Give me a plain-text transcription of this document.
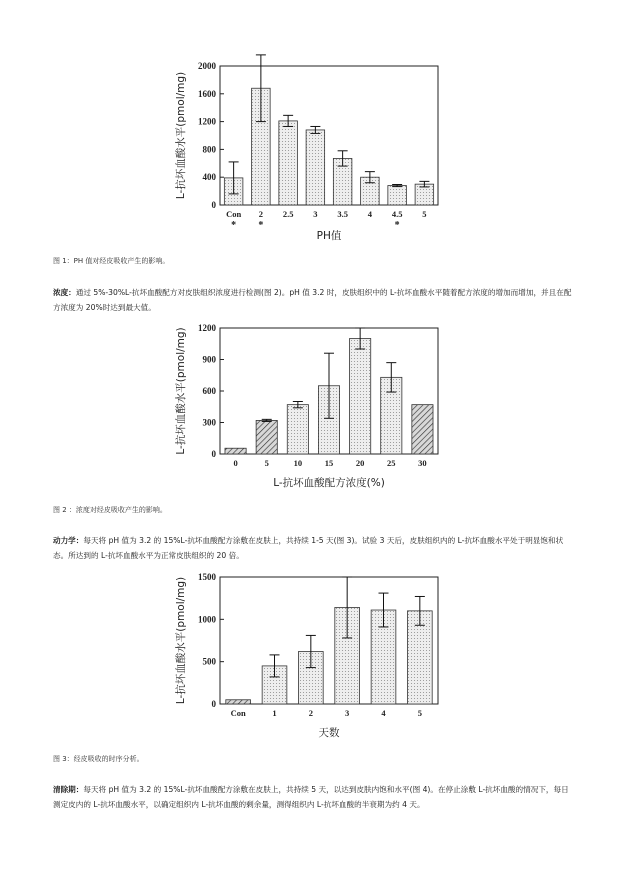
0
400
800
1200
1600
2000
Con
*
2
*
2.5 3 3.5 4 4.5
*
5
PH值
L-抗坏血酸水平(pmol/mg)
图 1：PH 值对经皮吸收产生的影响。
浓度：通过 5%-30%L-抗坏血酸配方对皮肤组织浓度进行检测(图 2)。pH 值 3.2 时，皮肤组织中的 L-抗坏血酸水平随着配方浓度的增加而增加，并且在配方浓度为 20%时达到最大值。
0
300
600
900
1200
0	5	10	15	20	25	30
L-抗坏血酸配方浓度(%)
L-抗坏血酸水平(pmol/mg)
图 2 ：浓度对经皮吸收产生的影响。
动力学：每天将 pH 值为 3.2 的 15%L-抗坏血酸配方涂敷在皮肤上，共持续 1-5 天(图 3)。试验 3 天后，皮肤组织内的 L-抗坏血酸水平处于明显饱和状态。所达到的 L-抗坏血酸水平为正常皮肤组织的 20 倍。
0
500
1000
1500
Con	1	2	3	4	5
天数
L-抗坏血酸水平(pmol/mg)
图 3：经皮吸收的时序分析。
清除期：每天将 pH 值为 3.2 的 15%L-抗坏血酸配方涂敷在皮肤上，共持续 5 天，以达到皮肤内饱和水平(图 4)。在停止涂敷 L-抗坏血酸的情况下，每日测定皮内的 L-抗坏血酸水平，以确定组织内 L-抗坏血酸的剩余量，测得组织内 L-抗坏血酸的半衰期为约 4 天。
